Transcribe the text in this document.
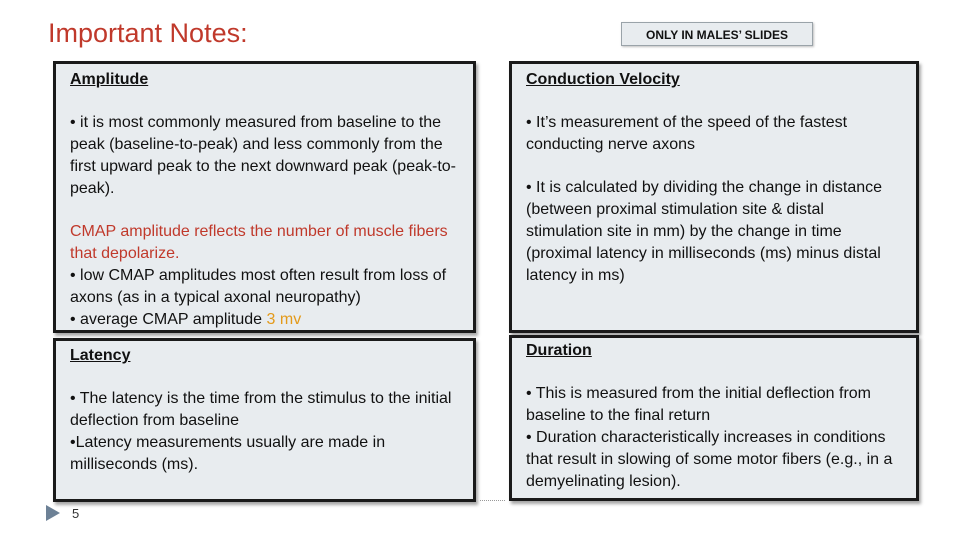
Important Notes:	ONLY IN MALES’ SLIDES

Amplitude

• it is most commonly measured from baseline to the peak (baseline-to-peak) and less commonly from the first upward peak to the next downward peak (peak-to-peak).

CMAP amplitude reflects the number of muscle fibers that depolarize.

• low CMAP amplitudes most often result from loss of axons (as in a typical axonal neuropathy)

• average CMAP amplitude 3 mv

Conduction Velocity

• It’s measurement of the speed of the fastest conducting nerve axons

• It is calculated by dividing the change in distance (between proximal stimulation site & distal stimulation site in mm) by the change in time (proximal latency in milliseconds (ms) minus distal latency in ms)

Latency

• The latency is the time from the stimulus to the initial deflection from baseline

•Latency measurements usually are made in milliseconds (ms).

Duration

• This is measured from the initial deflection from baseline to the final return

• Duration characteristically increases in conditions that result in slowing of some motor fibers (e.g., in a demyelinating lesion).

5
